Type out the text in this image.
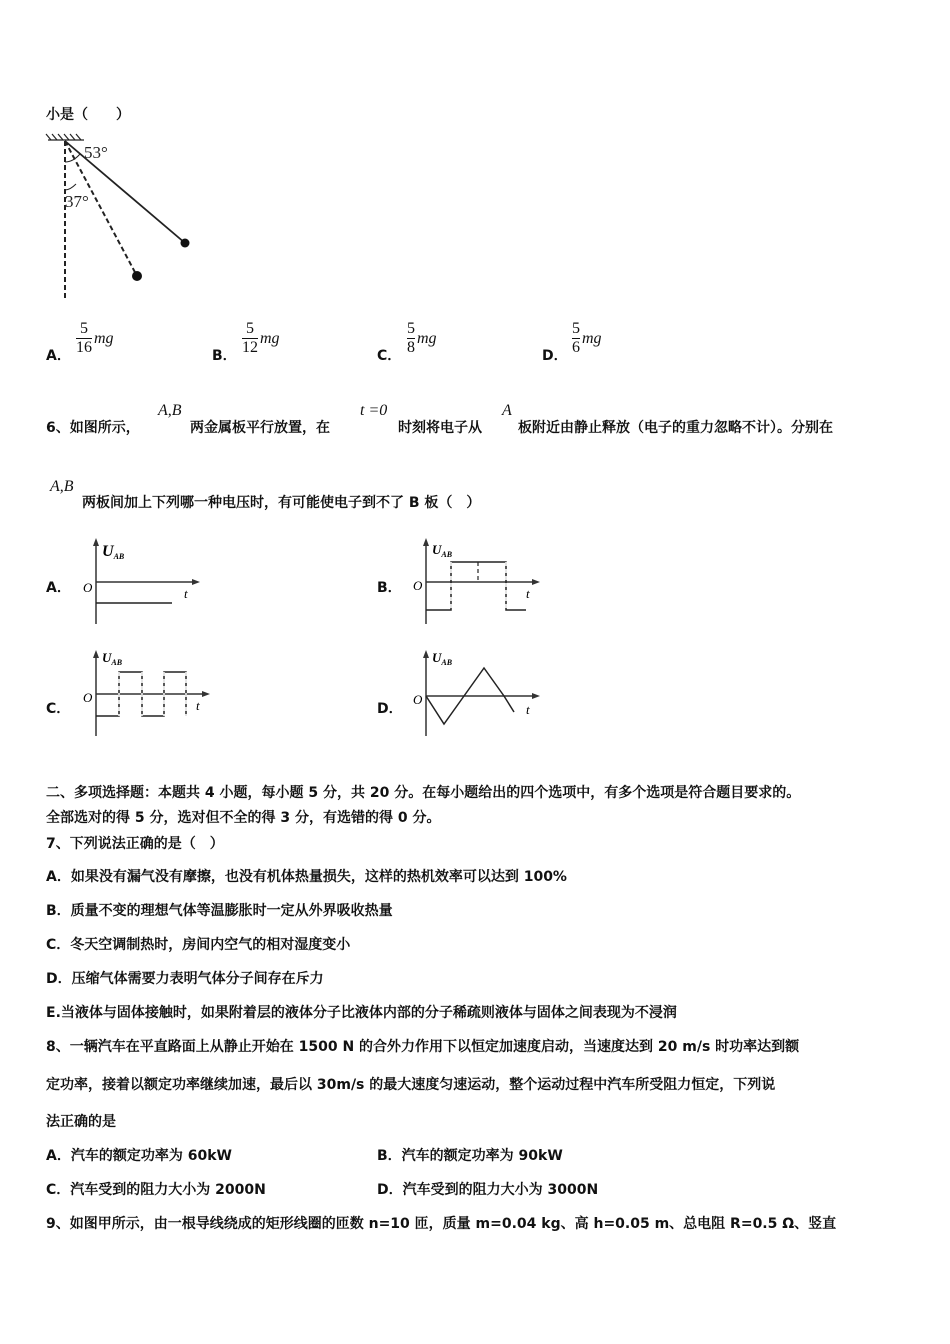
小是（　　）
53°
37°
A．
5
16
mg
B．
5
12
mg
C．
5
8
mg
D．
5
6
mg
6、如图所示，
A,B
两金属板平行放置，在
t =0
时刻将电子从
A
板附近由静止释放（电子的重力忽略不计）。分别在
A,B
两板间加上下列哪一种电压时，有可能使电子到不了 B 板（　）
A．	B．
C．	D．
UAB
O	t
$U_{AB}$
O
t
$U_{AB}$
O
t
$U_{AB}$
O
t
二、多项选择题：本题共 4 小题，每小题 5 分，共 20 分。在每小题给出的四个选项中，有多个选项是符合题目要求的。
全部选对的得 5 分，选对但不全的得 3 分，有选错的得 0 分。
7、下列说法正确的是（　）
A．如果没有漏气没有摩擦，也没有机体热量损失，这样的热机效率可以达到 100%
B．质量不变的理想气体等温膨胀时一定从外界吸收热量
C．冬天空调制热时，房间内空气的相对湿度变小
D．压缩气体需要力表明气体分子间存在斥力
E.当液体与固体接触时，如果附着层的液体分子比液体内部的分子稀疏则液体与固体之间表现为不浸润
8、一辆汽车在平直路面上从静止开始在 1500 N 的合外力作用下以恒定加速度启动，当速度达到 20 m/s 时功率达到额
定功率，接着以额定功率继续加速，最后以 30m/s 的最大速度匀速运动，整个运动过程中汽车所受阻力恒定，下列说
法正确的是
A．汽车的额定功率为 60kW	B．汽车的额定功率为 90kW
C．汽车受到的阻力大小为 2000N	D．汽车受到的阻力大小为 3000N
9、如图甲所示，由一根导线绕成的矩形线圈的匝数 n=10 匝，质量 m=0.04 kg、高 h=0.05 m、总电阻 R=0.5 Ω、竖直
